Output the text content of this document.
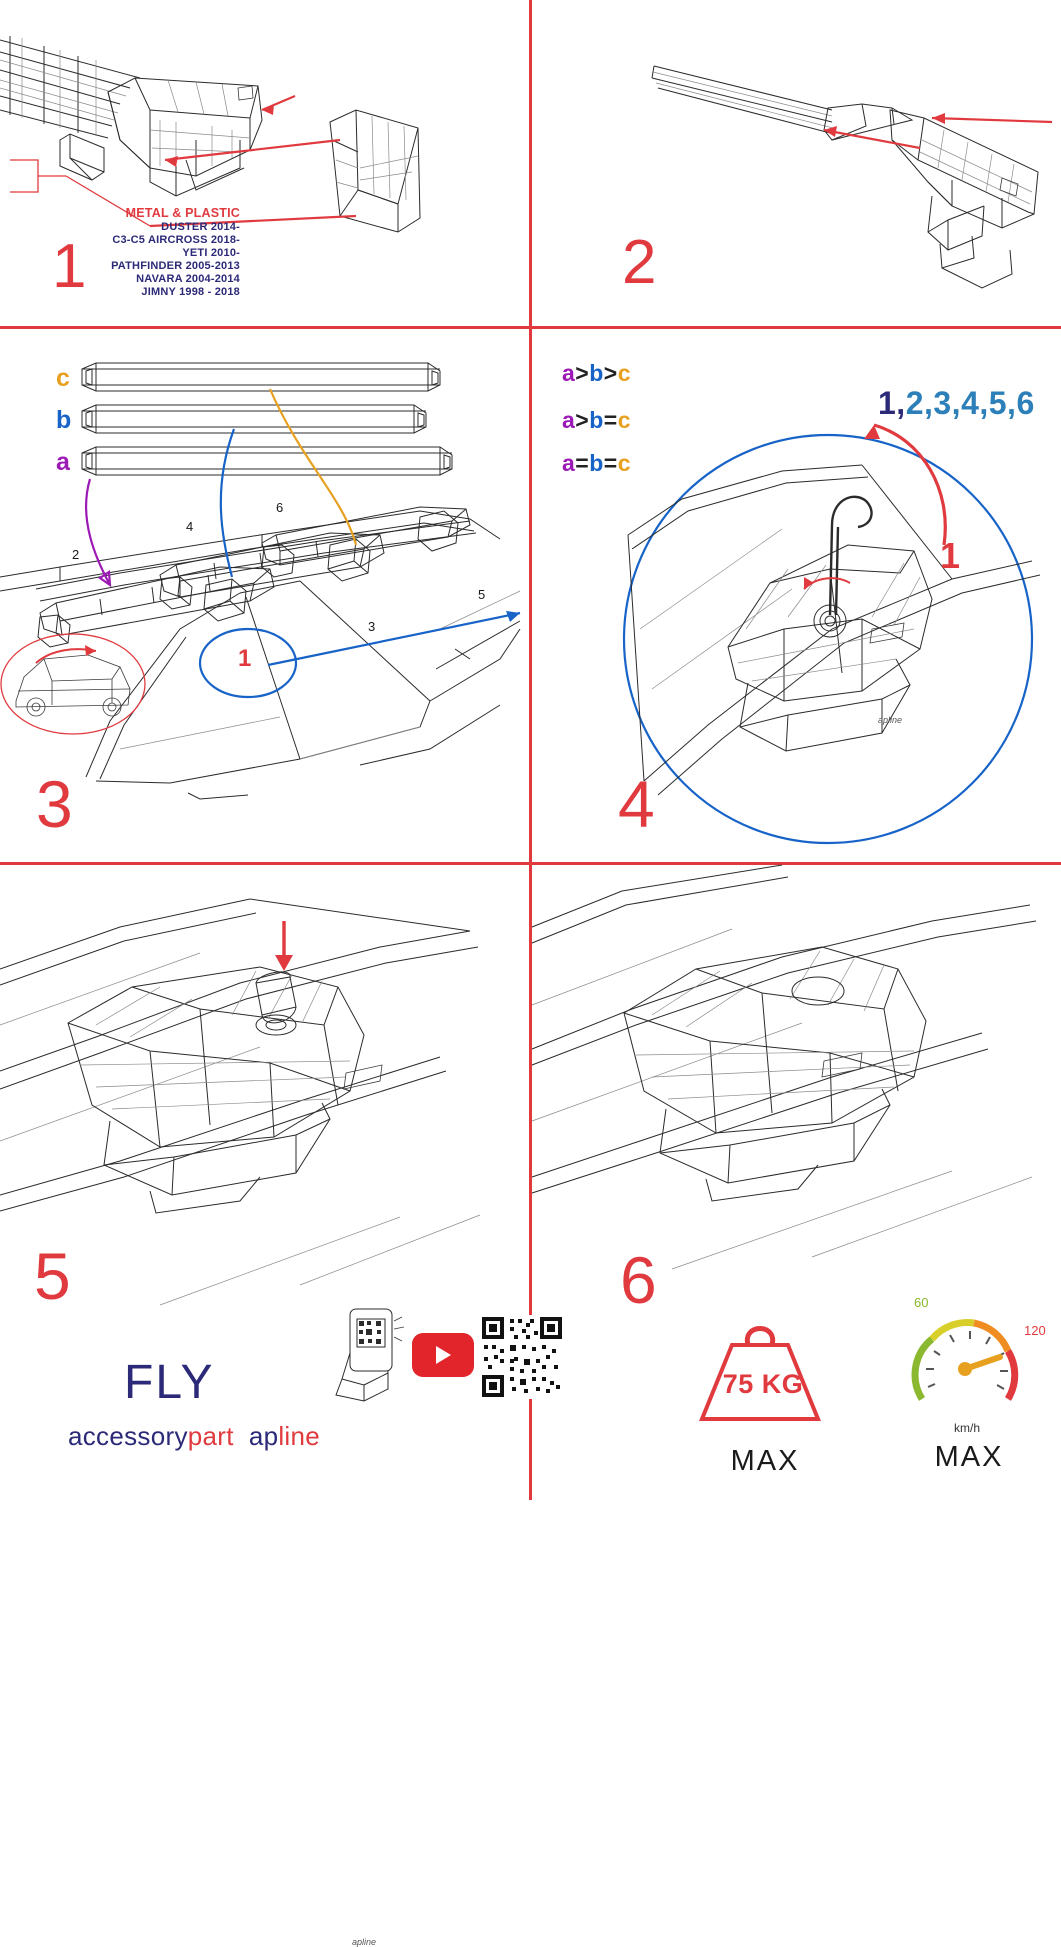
1
METAL & PLASTIC
DUSTER 2014-
C3-C5 AIRCROSS 2018-
YETI 2010-
PATHFINDER 2005-2013
NAVARA 2004-2014
JIMNY 1998 - 2018	2
c
b
a
2
4
6
5
3
1
3
a>b>c
a>b=c
a=b=c
1,2,3,4,5,6
1
apline
4
apline
5
FLY
accessorypart apline
6
75 KG
MAX
60
120
km/h
MAX
